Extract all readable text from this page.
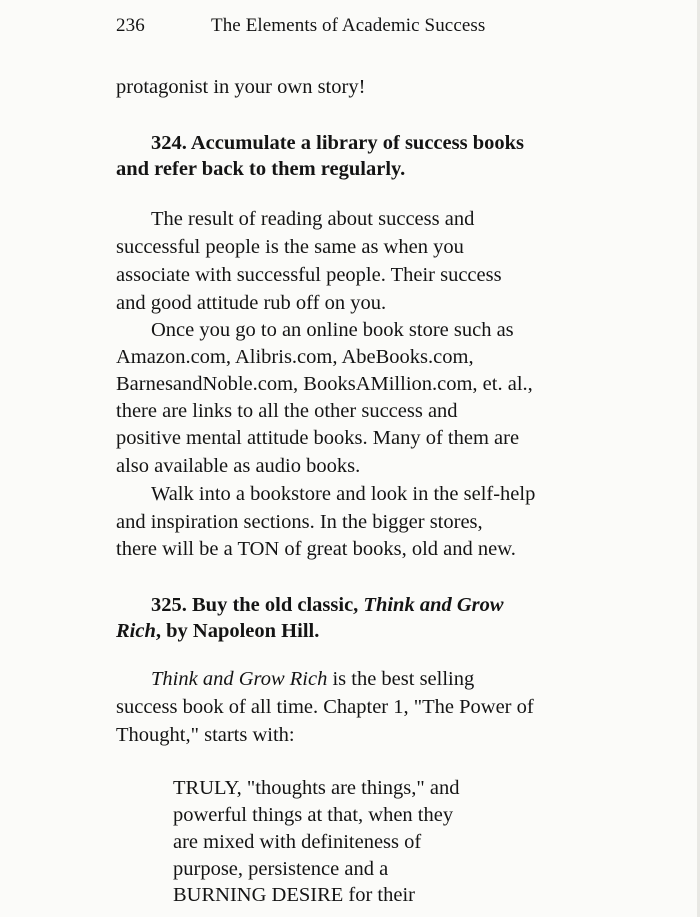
236	The Elements of Academic Success
protagonist in your own story!
324. Accumulate a library of success books
and refer back to them regularly.
The result of reading about success and
successful people is the same as when you
associate with successful people. Their success
and good attitude rub off on you.
Once you go to an online book store such as
Amazon.com, Alibris.com, AbeBooks.com,
BarnesandNoble.com, BooksAMillion.com, et. al.,
there are links to all the other success and
positive mental attitude books. Many of them are
also available as audio books.
Walk into a bookstore and look in the self-help
and inspiration sections. In the bigger stores,
there will be a TON of great books, old and new.
325. Buy the old classic, Think and Grow
Rich, by Napoleon Hill.
Think and Grow Rich is the best selling
success book of all time. Chapter 1, "The Power of
Thought," starts with:
TRULY, "thoughts are things," and
powerful things at that, when they
are mixed with definiteness of
purpose, persistence and a
BURNING DESIRE for their
